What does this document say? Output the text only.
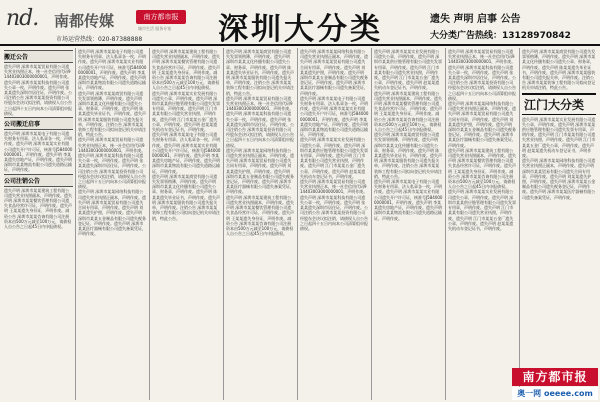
nd. 南都传媒	南方都市报
城市生活 服务专家
市场运营热线：020-87388888	深圳大分类	遗失 声明 启事 公告
大分类广告热线：13128970842
搬迁公告
遗失声明 深圳市某某贸易有限公司遗失营业执照正本，统一社会信用代码914403003000000001，声明作废。遗失声明 深圳市某某科技有限公司遗失公章一枚，声明作废。遗失声明 张某某遗失深圳市居住证，声明作废。公司注销公告 深圳市某某投资有限公司经股东会决议拟注销，请债权人自公告之日起四十五日内向本公司清算组申报债权。
公司搬迁启事
遗失声明 深圳市某某电子有限公司遗失财务专用章、法人私章各一枚，声明作废。遗失声明 深圳市某某实业有限公司遗失开户许可证，核准号J5840000000001，声明作废。遗失声明 李某某遗失房地产证，声明作废。遗失声明 深圳市某某物流有限公司遗失道路运输证，声明作废。
公司注销公告
遗失声明 深圳市某某建筑工程有限公司遗失营业执照副本，声明作废。遗失声明 深圳市某某餐饮管理有限公司遗失食品经营许可证，声明作废。遗失声明 王某某遗失身份证，声明作废。减资公告 深圳市某某咨询有限公司注册资本由500万元减至100万元，请债权人自公告之日起45日内申报债权。
遗失声明 深圳市某某电子有限公司遗失财务专用章、法人私章各一枚，声明作废。遗失声明 深圳市某某实业有限公司遗失开户许可证，核准号J5840000000001，声明作废。遗失声明 李某某遗失房地产证，声明作废。遗失声明 深圳市某某物流有限公司遗失道路运输证，声明作废。
遗失声明 深圳市某某商贸有限公司遗失发票领购簿，声明作废。遗失声明 深圳市某某文化传播有限公司遗失公章、财务章，声明作废。遗失声明 陈某某遗失毕业证书，声明作废。遗失声明 深圳市某某服装有限公司遗失报关单，声明作废。注销公告 深圳市某某装饰工程有限公司拟向登记机关申请注销，特此公告。
遗失声明 深圳市某某贸易有限公司遗失营业执照正本，统一社会信用代码914403003000000001，声明作废。遗失声明 深圳市某某科技有限公司遗失公章一枚，声明作废。遗失声明 张某某遗失深圳市居住证，声明作废。公司注销公告 深圳市某某投资有限公司经股东会决议拟注销，请债权人自公告之日起四十五日内向本公司清算组申报债权。
遗失声明 深圳市某某网络科技有限公司遗失营业执照正副本，声明作废。遗失声明 深圳市某某贸易有限公司遗失合同专用章，声明作废。遗失声明 刘某某遗失护照，声明作废。遗失声明 深圳市某某五金制品有限公司遗失税务登记证，声明作废。遗失声明 深圳市某某医疗器械有限公司遗失备案凭证，声明作废。
遗失声明 深圳市某某建筑工程有限公司遗失营业执照副本，声明作废。遗失声明 深圳市某某餐饮管理有限公司遗失食品经营许可证，声明作废。遗失声明 王某某遗失身份证，声明作废。减资公告 深圳市某某咨询有限公司注册资本由500万元减至100万元，请债权人自公告之日起45日内申报债权。
遗失声明 深圳市某某实业发展有限公司遗失公章，声明作废。遗失声明 深圳市某某供应链管理有限公司遗失发票专用章，声明作废。遗失声明 江门市某某有限公司遗失营业执照，声明作废。遗失声明 江门市某某五金厂遗失公章，声明作废。遗失声明 赵某某遗失机动车登记证书，声明作废。
遗失声明 深圳市某某电子有限公司遗失财务专用章、法人私章各一枚，声明作废。遗失声明 深圳市某某实业有限公司遗失开户许可证，核准号J5840000000001，声明作废。遗失声明 李某某遗失房地产证，声明作废。遗失声明 深圳市某某物流有限公司遗失道路运输证，声明作废。
遗失声明 深圳市某某商贸有限公司遗失发票领购簿，声明作废。遗失声明 深圳市某某文化传播有限公司遗失公章、财务章，声明作废。遗失声明 陈某某遗失毕业证书，声明作废。遗失声明 深圳市某某服装有限公司遗失报关单，声明作废。注销公告 深圳市某某装饰工程有限公司拟向登记机关申请注销，特此公告。
遗失声明 深圳市某某商贸有限公司遗失发票领购簿，声明作废。遗失声明 深圳市某某文化传播有限公司遗失公章、财务章，声明作废。遗失声明 陈某某遗失毕业证书，声明作废。遗失声明 深圳市某某服装有限公司遗失报关单，声明作废。注销公告 深圳市某某装饰工程有限公司拟向登记机关申请注销，特此公告。
遗失声明 深圳市某某贸易有限公司遗失营业执照正本，统一社会信用代码914403003000000001，声明作废。遗失声明 深圳市某某科技有限公司遗失公章一枚，声明作废。遗失声明 张某某遗失深圳市居住证，声明作废。公司注销公告 深圳市某某投资有限公司经股东会决议拟注销，请债权人自公告之日起四十五日内向本公司清算组申报债权。
遗失声明 深圳市某某网络科技有限公司遗失营业执照正副本，声明作废。遗失声明 深圳市某某贸易有限公司遗失合同专用章，声明作废。遗失声明 刘某某遗失护照，声明作废。遗失声明 深圳市某某五金制品有限公司遗失税务登记证，声明作废。遗失声明 深圳市某某医疗器械有限公司遗失备案凭证，声明作废。
遗失声明 深圳市某某建筑工程有限公司遗失营业执照副本，声明作废。遗失声明 深圳市某某餐饮管理有限公司遗失食品经营许可证，声明作废。遗失声明 王某某遗失身份证，声明作废。减资公告 深圳市某某咨询有限公司注册资本由500万元减至100万元，请债权人自公告之日起45日内申报债权。
遗失声明 深圳市某某网络科技有限公司遗失营业执照正副本，声明作废。遗失声明 深圳市某某贸易有限公司遗失合同专用章，声明作废。遗失声明 刘某某遗失护照，声明作废。遗失声明 深圳市某某五金制品有限公司遗失税务登记证，声明作废。遗失声明 深圳市某某医疗器械有限公司遗失备案凭证，声明作废。
遗失声明 深圳市某某电子有限公司遗失财务专用章、法人私章各一枚，声明作废。遗失声明 深圳市某某实业有限公司遗失开户许可证，核准号J5840000000001，声明作废。遗失声明 李某某遗失房地产证，声明作废。遗失声明 深圳市某某物流有限公司遗失道路运输证，声明作废。
遗失声明 深圳市某某实业发展有限公司遗失公章，声明作废。遗失声明 深圳市某某供应链管理有限公司遗失发票专用章，声明作废。遗失声明 江门市某某有限公司遗失营业执照，声明作废。遗失声明 江门市某某五金厂遗失公章，声明作废。遗失声明 赵某某遗失机动车登记证书，声明作废。
遗失声明 深圳市某某贸易有限公司遗失营业执照正本，统一社会信用代码914403003000000001，声明作废。遗失声明 深圳市某某科技有限公司遗失公章一枚，声明作废。遗失声明 张某某遗失深圳市居住证，声明作废。公司注销公告 深圳市某某投资有限公司经股东会决议拟注销，请债权人自公告之日起四十五日内向本公司清算组申报债权。
遗失声明 深圳市某某实业发展有限公司遗失公章，声明作废。遗失声明 深圳市某某供应链管理有限公司遗失发票专用章，声明作废。遗失声明 江门市某某有限公司遗失营业执照，声明作废。遗失声明 江门市某某五金厂遗失公章，声明作废。遗失声明 赵某某遗失机动车登记证书，声明作废。
遗失声明 深圳市某某建筑工程有限公司遗失营业执照副本，声明作废。遗失声明 深圳市某某餐饮管理有限公司遗失食品经营许可证，声明作废。遗失声明 王某某遗失身份证，声明作废。减资公告 深圳市某某咨询有限公司注册资本由500万元减至100万元，请债权人自公告之日起45日内申报债权。
遗失声明 深圳市某某商贸有限公司遗失发票领购簿，声明作废。遗失声明 深圳市某某文化传播有限公司遗失公章、财务章，声明作废。遗失声明 陈某某遗失毕业证书，声明作废。遗失声明 深圳市某某服装有限公司遗失报关单，声明作废。注销公告 深圳市某某装饰工程有限公司拟向登记机关申请注销，特此公告。
遗失声明 深圳市某某电子有限公司遗失财务专用章、法人私章各一枚，声明作废。遗失声明 深圳市某某实业有限公司遗失开户许可证，核准号J5840000000001，声明作废。遗失声明 李某某遗失房地产证，声明作废。遗失声明 深圳市某某物流有限公司遗失道路运输证，声明作废。
遗失声明 深圳市某某贸易有限公司遗失营业执照正本，统一社会信用代码914403003000000001，声明作废。遗失声明 深圳市某某科技有限公司遗失公章一枚，声明作废。遗失声明 张某某遗失深圳市居住证，声明作废。公司注销公告 深圳市某某投资有限公司经股东会决议拟注销，请债权人自公告之日起四十五日内向本公司清算组申报债权。
遗失声明 深圳市某某网络科技有限公司遗失营业执照正副本，声明作废。遗失声明 深圳市某某贸易有限公司遗失合同专用章，声明作废。遗失声明 刘某某遗失护照，声明作废。遗失声明 深圳市某某五金制品有限公司遗失税务登记证，声明作废。遗失声明 深圳市某某医疗器械有限公司遗失备案凭证，声明作废。
遗失声明 深圳市某某建筑工程有限公司遗失营业执照副本，声明作废。遗失声明 深圳市某某餐饮管理有限公司遗失食品经营许可证，声明作废。遗失声明 王某某遗失身份证，声明作废。减资公告 深圳市某某咨询有限公司注册资本由500万元减至100万元，请债权人自公告之日起45日内申报债权。
遗失声明 深圳市某某实业发展有限公司遗失公章，声明作废。遗失声明 深圳市某某供应链管理有限公司遗失发票专用章，声明作废。遗失声明 江门市某某有限公司遗失营业执照，声明作废。遗失声明 江门市某某五金厂遗失公章，声明作废。遗失声明 赵某某遗失机动车登记证书，声明作废。
遗失声明 深圳市某某商贸有限公司遗失发票领购簿，声明作废。遗失声明 深圳市某某文化传播有限公司遗失公章、财务章，声明作废。遗失声明 陈某某遗失毕业证书，声明作废。遗失声明 深圳市某某服装有限公司遗失报关单，声明作废。注销公告 深圳市某某装饰工程有限公司拟向登记机关申请注销，特此公告。
江门大分类
遗失声明 深圳市某某实业发展有限公司遗失公章，声明作废。遗失声明 深圳市某某供应链管理有限公司遗失发票专用章，声明作废。遗失声明 江门市某某有限公司遗失营业执照，声明作废。遗失声明 江门市某某五金厂遗失公章，声明作废。遗失声明 赵某某遗失机动车登记证书，声明作废。
遗失声明 深圳市某某网络科技有限公司遗失营业执照正副本，声明作废。遗失声明 深圳市某某贸易有限公司遗失合同专用章，声明作废。遗失声明 刘某某遗失护照，声明作废。遗失声明 深圳市某某五金制品有限公司遗失税务登记证，声明作废。遗失声明 深圳市某某医疗器械有限公司遗失备案凭证，声明作废。
南方都市报
奥一网 oeeee.com
